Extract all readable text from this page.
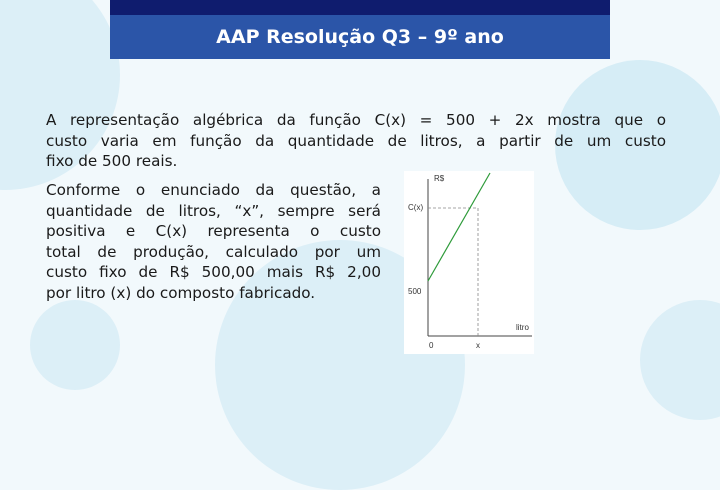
AAP Resolução Q3 – 9º ano
A representação algébrica da função C(x) = 500 + 2x mostra que o
custo varia em função da quantidade de litros, a partir de um custo
fixo de 500 reais.
Conforme o enunciado da questão, a
quantidade de litros, “x”, sempre será
positiva e C(x) representa o custo
total de produção, calculado por um
custo fixo de R$ 500,00 mais R$ 2,00
por litro (x) do composto fabricado.
R$
C(x)
500
litro
0	x
